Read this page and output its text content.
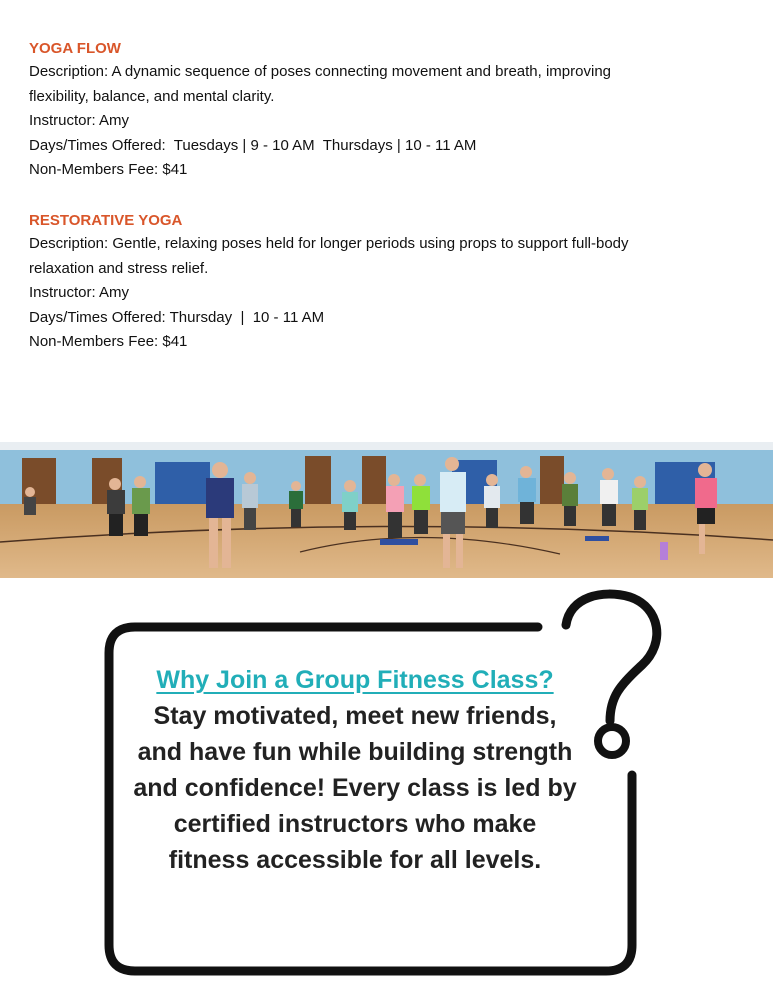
YOGA FLOW

Description: A dynamic sequence of poses connecting movement and breath, improving
flexibility, balance, and mental clarity.

Instructor: Amy

Days/Times Offered:  Tuesdays | 9 - 10 AM  Thursdays | 10 - 11 AM

Non-Members Fee: $41

RESTORATIVE YOGA

Description: Gentle, relaxing poses held for longer periods using props to support full-body
relaxation and stress relief.

Instructor: Amy

Days/Times Offered: Thursday  |  10 - 11 AM

Non-Members Fee: $41

Why Join a Group Fitness Class?
Stay motivated, meet new friends, and have fun while building strength and confidence! Every class is led by certified instructors who make fitness accessible for all levels.
